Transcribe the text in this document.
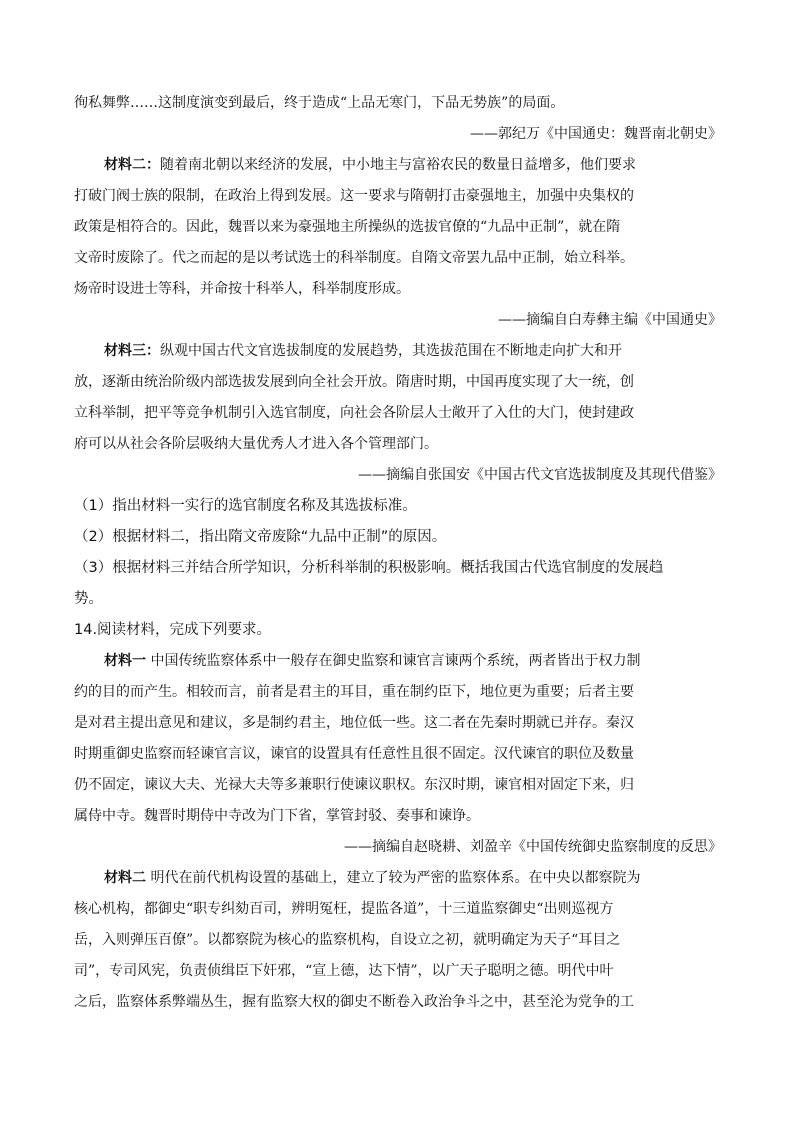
徇私舞弊……这制度演变到最后，终于造成“上品无寒门，下品无势族”的局面。
——郭纪万《中国通史：魏晋南北朝史》
材料二：随着南北朝以来经济的发展，中小地主与富裕农民的数量日益增多，他们要求
打破门阀士族的限制，在政治上得到发展。这一要求与隋朝打击豪强地主，加强中央集权的
政策是相符合的。因此，魏晋以来为豪强地主所操纵的选拔官僚的“九品中正制”，就在隋
文帝时废除了。代之而起的是以考试选士的科举制度。自隋文帝罢九品中正制，始立科举。
炀帝时设进士等科，并命按十科举人，科举制度形成。
——摘编自白寿彝主编《中国通史》
材料三：纵观中国古代文官选拔制度的发展趋势，其选拔范围在不断地走向扩大和开
放，逐渐由统治阶级内部选拔发展到向全社会开放。隋唐时期，中国再度实现了大一统，创
立科举制，把平等竞争机制引入选官制度，向社会各阶层人士敞开了入仕的大门，使封建政
府可以从社会各阶层吸纳大量优秀人才进入各个管理部门。
——摘编自张国安《中国古代文官选拔制度及其现代借鉴》
（1）指出材料一实行的选官制度名称及其选拔标准。
（2）根据材料二，指出隋文帝废除“九品中正制”的原因。
（3）根据材料三并结合所学知识，分析科举制的积极影响。概括我国古代选官制度的发展趋
势。
14.阅读材料，完成下列要求。
材料一 中国传统监察体系中一般存在御史监察和谏官言谏两个系统，两者皆出于权力制
约的目的而产生。相较而言，前者是君主的耳目，重在制约臣下，地位更为重要；后者主要
是对君主提出意见和建议，多是制约君主，地位低一些。这二者在先秦时期就已并存。秦汉
时期重御史监察而轻谏官言议，谏官的设置具有任意性且很不固定。汉代谏官的职位及数量
仍不固定，谏议大夫、光禄大夫等多兼职行使谏议职权。东汉时期，谏官相对固定下来，归
属侍中寺。魏晋时期侍中寺改为门下省，掌管封驳、奏事和谏诤。
——摘编自赵晓耕、刘盈辛《中国传统御史监察制度的反思》
材料二 明代在前代机构设置的基础上，建立了较为严密的监察体系。在中央以都察院为
核心机构，都御史“职专纠劾百司，辨明冤枉，提监各道”，十三道监察御史“出则巡视方
岳，入则弹压百僚”。以都察院为核心的监察机构，自设立之初，就明确定为天子“耳目之
司”，专司风宪，负责侦缉臣下奸邪，“宣上德，达下情”，以广天子聪明之德。明代中叶
之后，监察体系弊端丛生，握有监察大权的御史不断卷入政治争斗之中，甚至沦为党争的工
